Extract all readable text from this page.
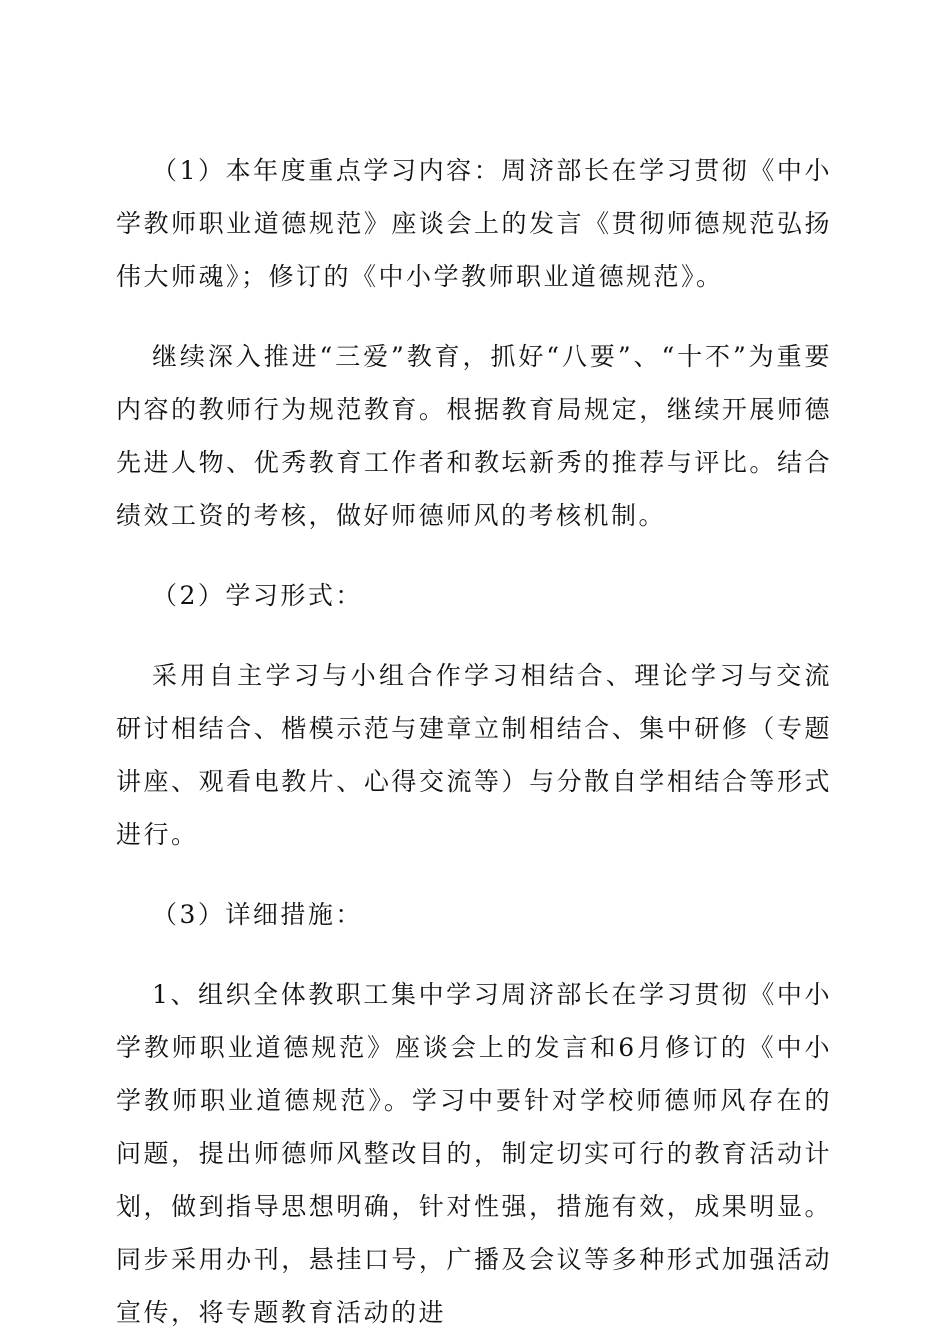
（1）本年度重点学习内容：周济部长在学习贯彻《中小学教师职业道德规范》座谈会上的发言《贯彻师德规范弘扬伟大师魂》；修订的《中小学教师职业道德规范》。

继续深入推进“三爱”教育，抓好“八要”、“十不”为重要内容的教师行为规范教育。根据教育局规定，继续开展师德先进人物、优秀教育工作者和教坛新秀的推荐与评比。结合绩效工资的考核，做好师德师风的考核机制。

（2）学习形式：

采用自主学习与小组合作学习相结合、理论学习与交流研讨相结合、楷模示范与建章立制相结合、集中研修（专题讲座、观看电教片、心得交流等）与分散自学相结合等形式进行。

（3）详细措施：

1、组织全体教职工集中学习周济部长在学习贯彻《中小学教师职业道德规范》座谈会上的发言和6月修订的《中小学教师职业道德规范》。学习中要针对学校师德师风存在的问题，提出师德师风整改目的，制定切实可行的教育活动计划，做到指导思想明确，针对性强，措施有效，成果明显。同步采用办刊，悬挂口号，广播及会议等多种形式加强活动宣传，将专题教育活动的进
